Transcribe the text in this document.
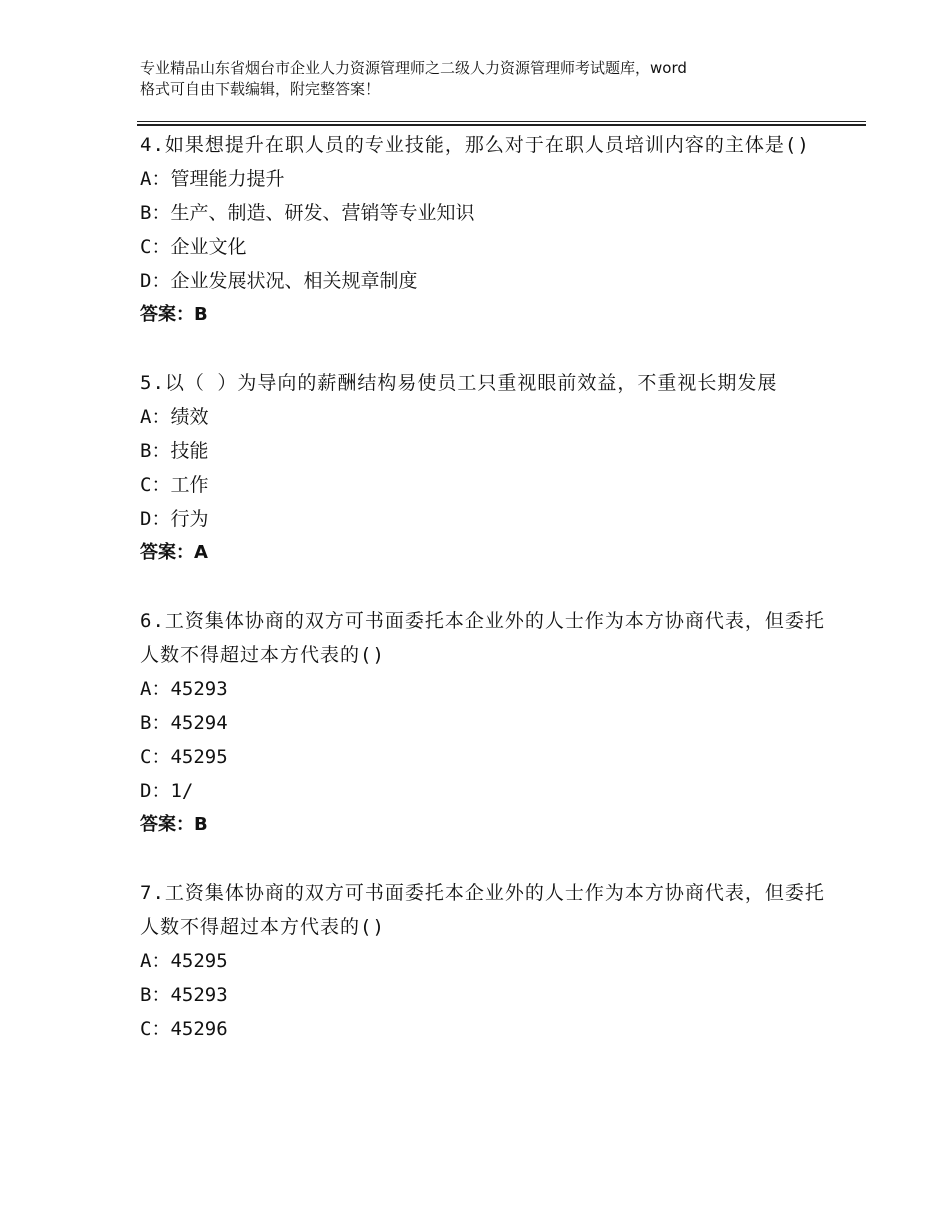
专业精品山东省烟台市企业人力资源管理师之二级人力资源管理师考试题库，word
格式可自由下载编辑，附完整答案！
4.如果想提升在职人员的专业技能，那么对于在职人员培训内容的主体是()
A：管理能力提升
B：生产、制造、研发、营销等专业知识
C：企业文化
D：企业发展状况、相关规章制度
答案：B
5.以（ ）为导向的薪酬结构易使员工只重视眼前效益，不重视长期发展
A：绩效
B：技能
C：工作
D：行为
答案：A
6.工资集体协商的双方可书面委托本企业外的人士作为本方协商代表，但委托人数不得超过本方代表的()
A：45293
B：45294
C：45295
D：1/
答案：B
7.工资集体协商的双方可书面委托本企业外的人士作为本方协商代表，但委托人数不得超过本方代表的()
A：45295
B：45293
C：45296
